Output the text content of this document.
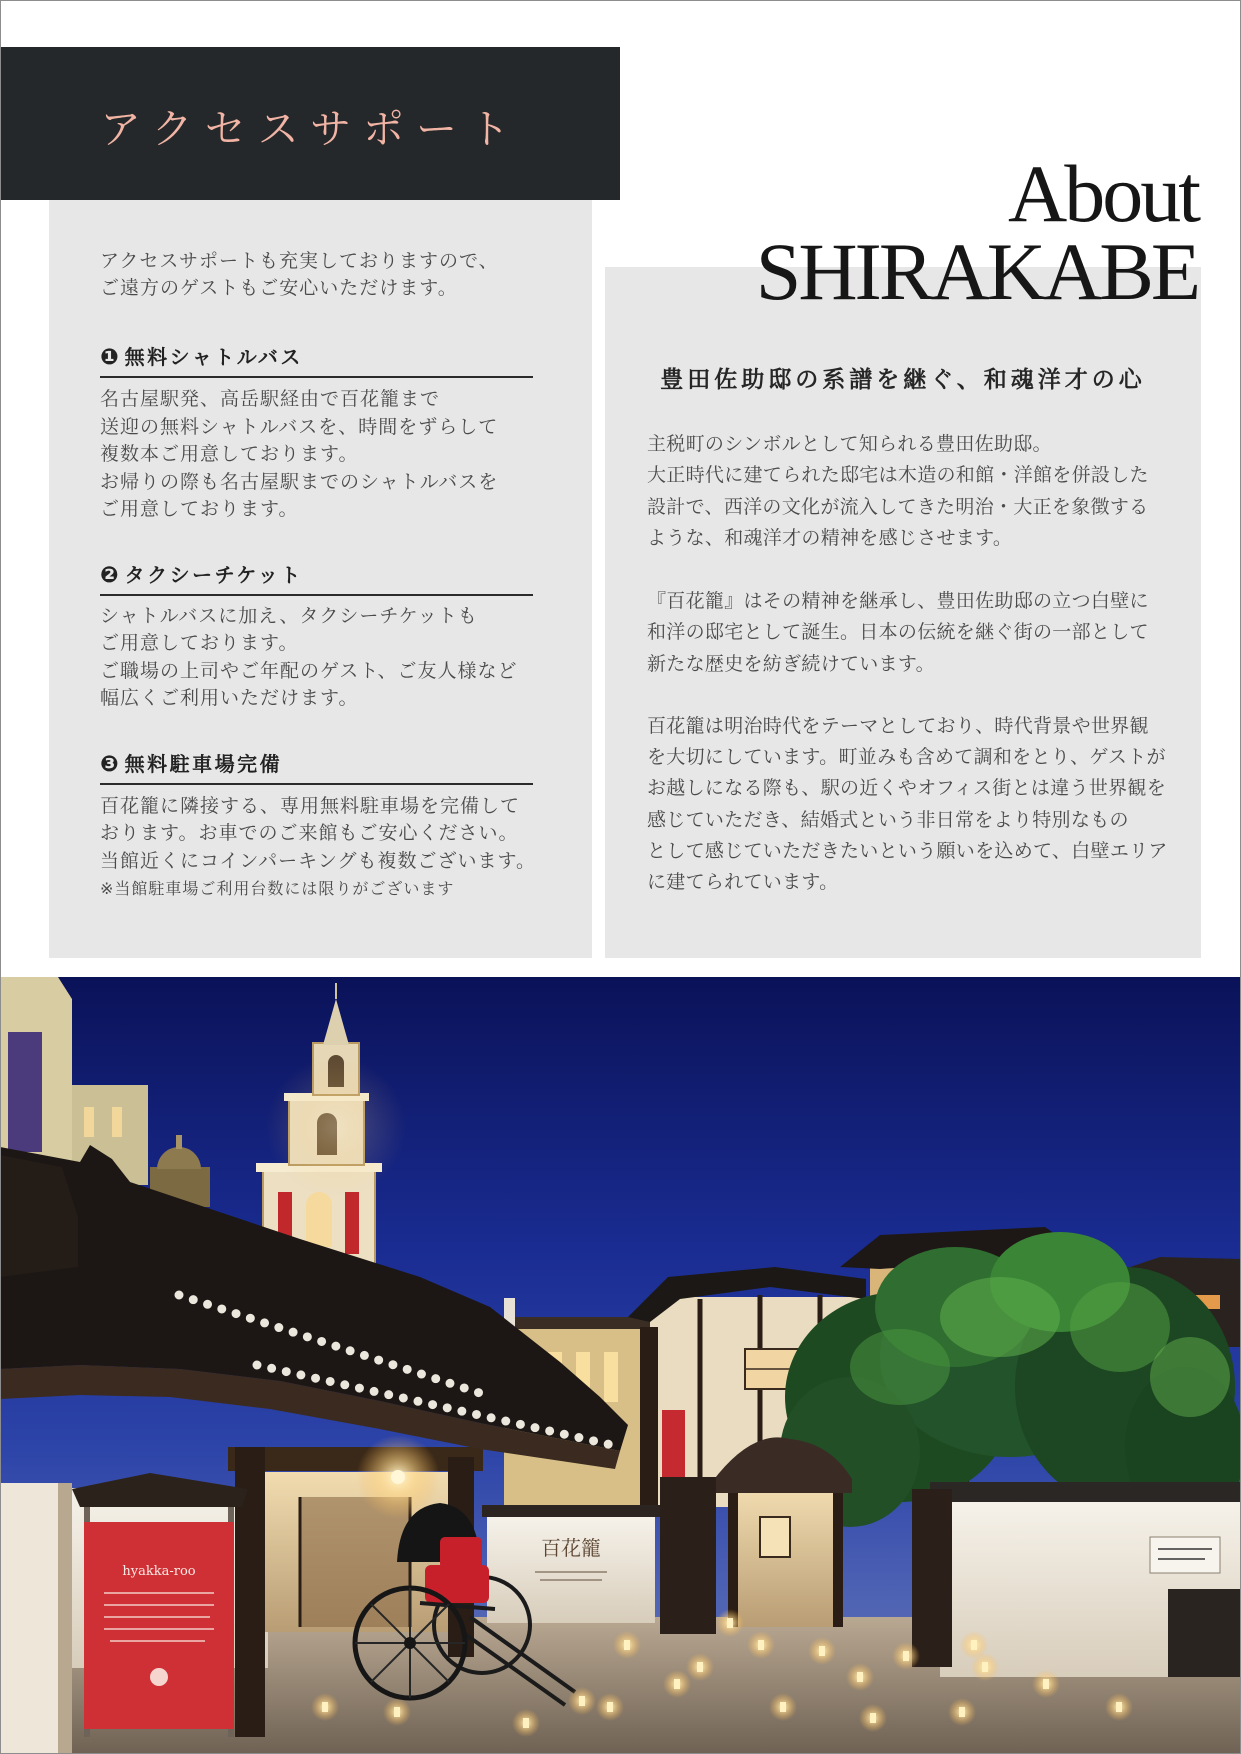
アクセスサポート
アクセスサポートも充実しておりますので、
ご遠方のゲストもご安心いただけます。
❶ 無料シャトルバス
名古屋駅発、高岳駅経由で百花籠まで
送迎の無料シャトルバスを、時間をずらして
複数本ご用意しております。
お帰りの際も名古屋駅までのシャトルバスを
ご用意しております。
❷ タクシーチケット
シャトルバスに加え、タクシーチケットも
ご用意しております。
ご職場の上司やご年配のゲスト、ご友人様など
幅広くご利用いただけます。
❸ 無料駐車場完備
百花籠に隣接する、専用無料駐車場を完備して
おります。お車でのご来館もご安心ください。
当館近くにコインパーキングも複数ございます。
※当館駐車場ご利用台数には限りがございます
About
SHIRAKABE
豊田佐助邸の系譜を継ぐ、和魂洋才の心
主税町のシンボルとして知られる豊田佐助邸。
大正時代に建てられた邸宅は木造の和館・洋館を併設した
設計で、西洋の文化が流入してきた明治・大正を象徴する
ような、和魂洋才の精神を感じさせます。
『百花籠』はその精神を継承し、豊田佐助邸の立つ白壁に
和洋の邸宅として誕生。日本の伝統を継ぐ街の一部として
新たな歴史を紡ぎ続けています。
百花籠は明治時代をテーマとしており、時代背景や世界観
を大切にしています。町並みも含めて調和をとり、ゲストが
お越しになる際も、駅の近くやオフィス街とは違う世界観を
感じていただき、結婚式という非日常をより特別なもの
として感じていただきたいという願いを込めて、白壁エリア
に建てられています。
百花籠
hyakka-roo
